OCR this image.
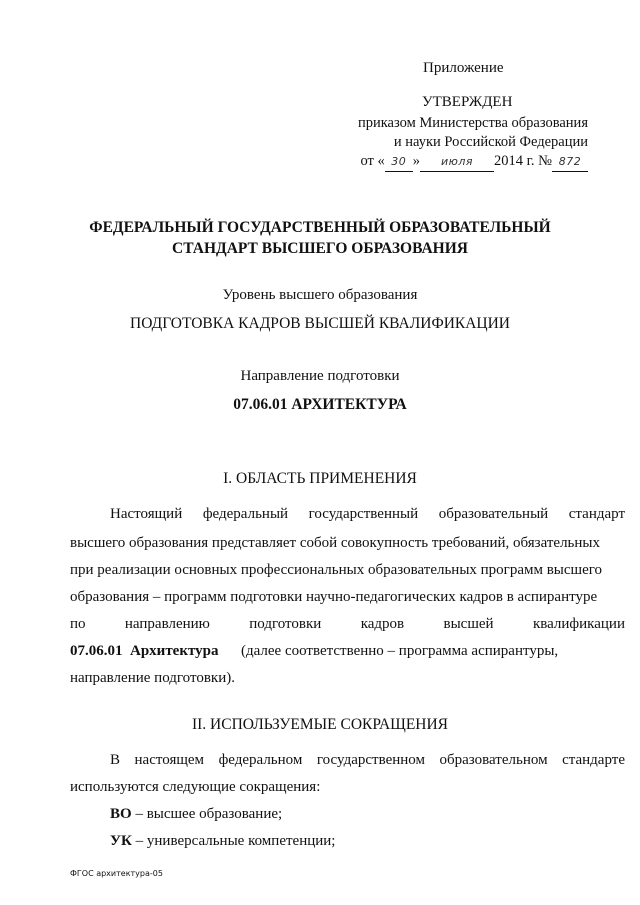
Приложение
УТВЕРЖДЕН
приказом Министерства образования
и науки Российской Федерации
от « 30 » июля 2014 г. № 872
ФЕДЕРАЛЬНЫЙ ГОСУДАРСТВЕННЫЙ ОБРАЗОВАТЕЛЬНЫЙ
СТАНДАРТ ВЫСШЕГО ОБРАЗОВАНИЯ
Уровень высшего образования
ПОДГОТОВКА КАДРОВ ВЫСШЕЙ КВАЛИФИКАЦИИ
Направление подготовки
07.06.01 АРХИТЕКТУРА
I. ОБЛАСТЬ ПРИМЕНЕНИЯ
Настоящий федеральный государственный образовательный стандарт
высшего образования представляет собой совокупность требований, обязательных
при реализации основных профессиональных образовательных программ высшего
образования – программ подготовки научно-педагогических кадров в аспирантуре
по	направлению	подготовки	кадров	высшей	квалификации
07.06.01 Архитектура (далее соответственно – программа аспирантуры,
направление подготовки).
II. ИСПОЛЬЗУЕМЫЕ СОКРАЩЕНИЯ
В настоящем федеральном государственном образовательном стандарте
используются следующие сокращения:
ВО – высшее образование;
УК – универсальные компетенции;
ФГОС архитектура-05
